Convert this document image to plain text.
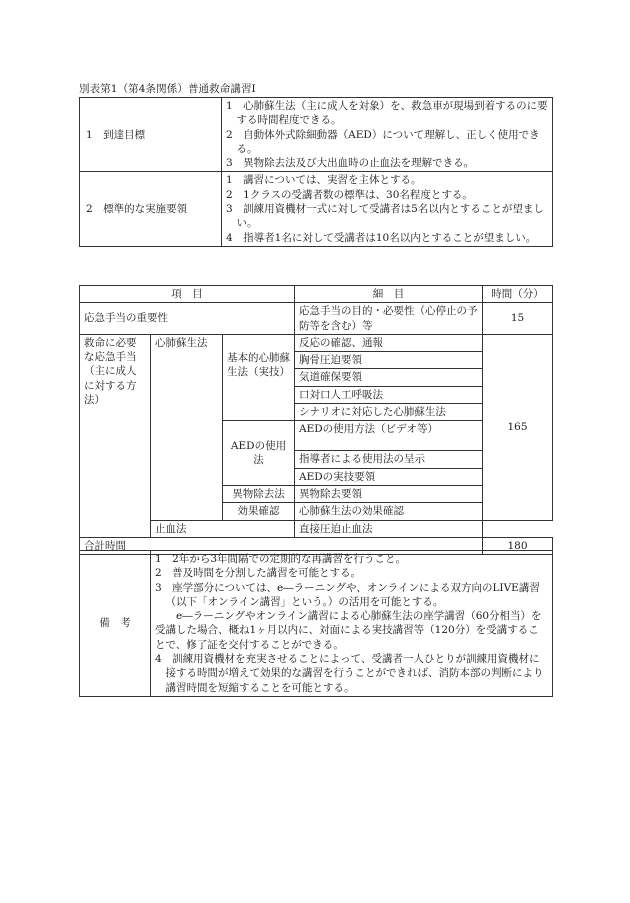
別表第1（第4条関係）普通救命講習Ⅰ
1　到達目標	1　心肺蘇生法（主に成人を対象）を、救急車が現場到着するのに要する時間程度できる。

2　自動体外式除細動器（AED）について理解し、正しく使用できる。

3　異物除去法及び大出血時の止血法を理解できる。

2　標準的な実施要領	1　講習については、実習を主体とする。

2　1クラスの受講者数の標準は、30名程度とする。

3　訓練用資機材一式に対して受講者は5名以内とすることが望ましい。

4　指導者1名に対して受講者は10名以内とすることが望ましい。

項　目			細　目	時間（分）
応急手当の重要性			応急手当の目的・必要性（心停止の予防等を含む）等	15
救命に必要な応急手当（主に成人に対する方法）	心肺蘇生法	基本的心肺蘇生法（実技）	反応の確認、通報	165
			胸骨圧迫要領	
			気道確保要領	
			口対口人工呼吸法	
			シナリオに対応した心肺蘇生法	
		AEDの使用法	AEDの使用方法（ビデオ等）	
			指導者による使用法の呈示	
			AEDの実技要領	
		異物除去法	異物除去要領	
		効果確認	心肺蘇生法の効果確認	
	止血法		直接圧迫止血法	
合計時間				180
備　考	

1　2年から3年間隔での定期的な再講習を行うこと。

2　普及時間を分割した講習を可能とする。

3　座学部分については、e―ラーニングや、オンラインによる双方向のLIVE講習（以下「オンライン講習」という。）の活用を可能とする。

e―ラーニングやオンライン講習による心肺蘇生法の座学講習（60分相当）を受講した場合、概ね1ヶ月以内に、対面による実技講習等（120分）を受講することで、修了証を交付することができる。

4　訓練用資機材を充実させることによって、受講者一人ひとりが訓練用資機材に接する時間が増えて効果的な講習を行うことができれば、消防本部の判断により講習時間を短縮することを可能とする。
